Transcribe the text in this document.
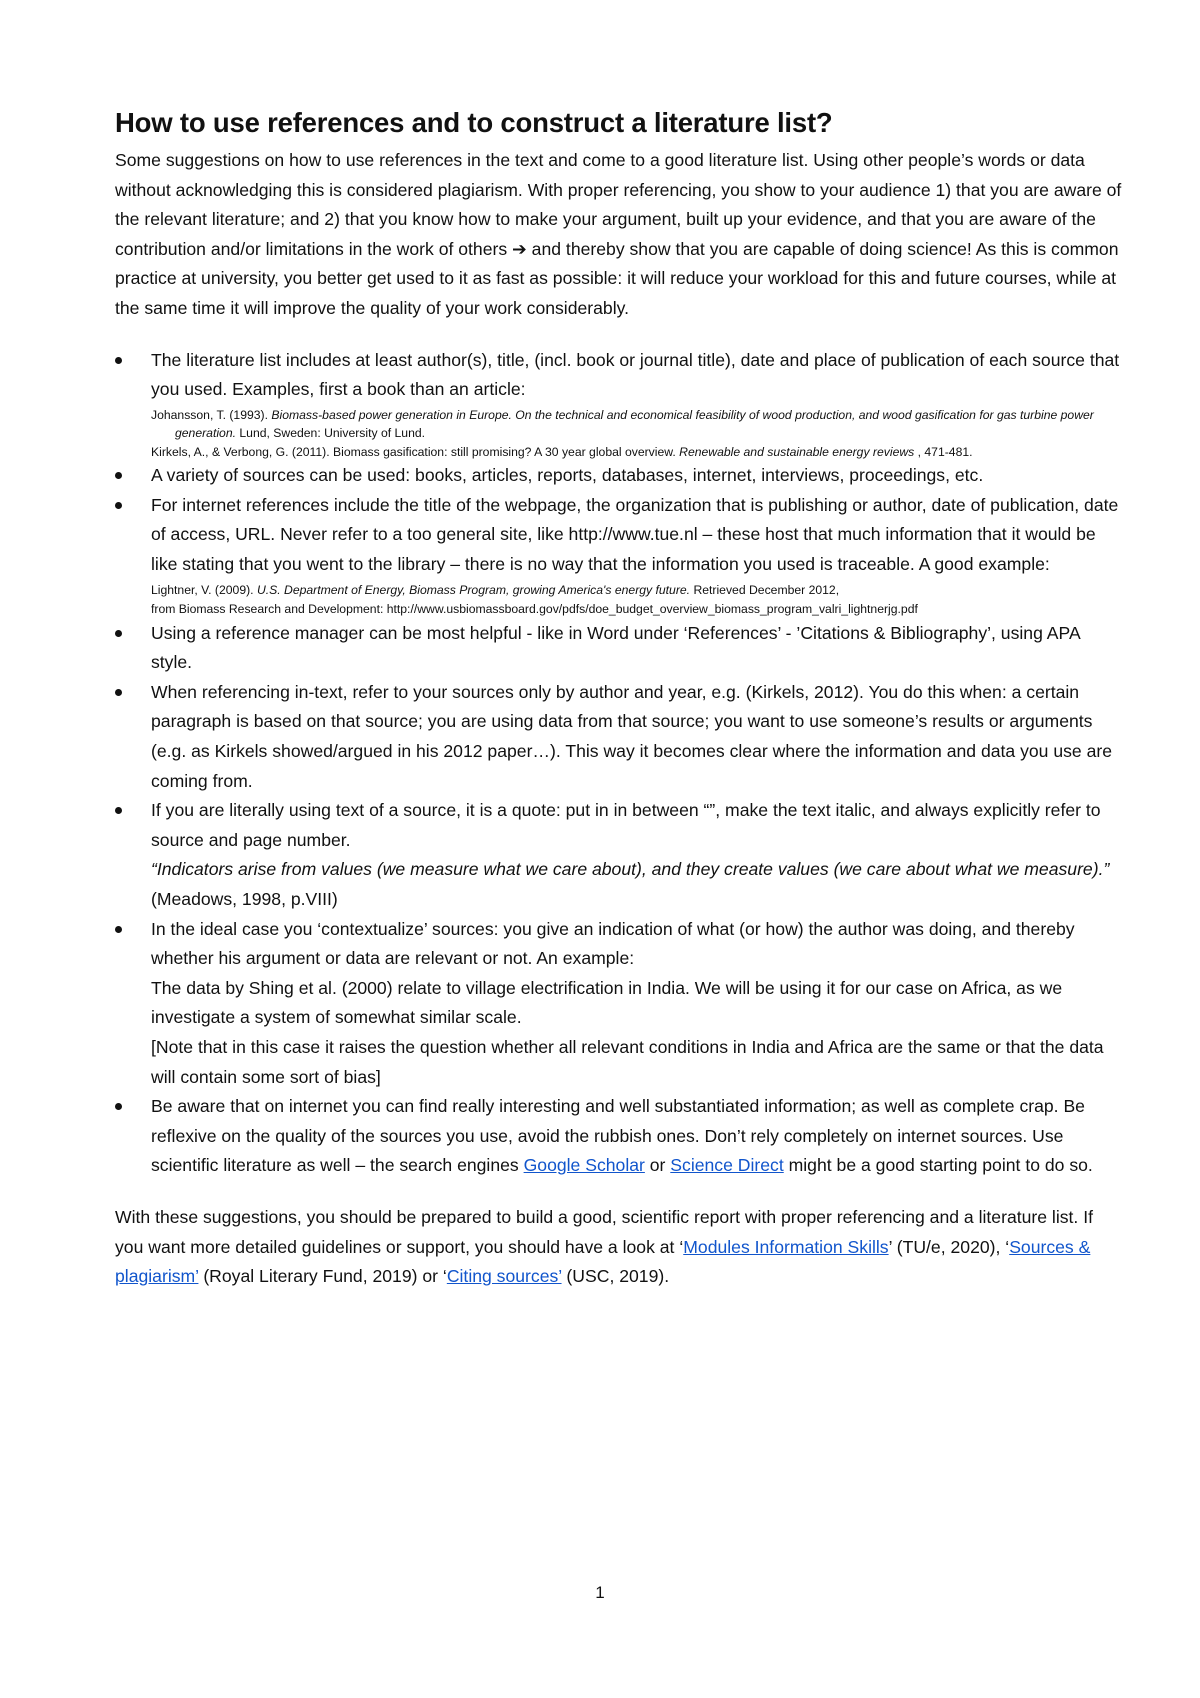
How to use references and to construct a literature list?

Some suggestions on how to use references in the text and come to a good literature list. Using other people’s words or data without acknowledging this is considered plagiarism. With proper referencing, you show to your audience 1) that you are aware of the relevant literature; and 2) that you know how to make your argument, built up your evidence, and that you are aware of the contribution and/or limitations in the work of others ➔ and thereby show that you are capable of doing science! As this is common practice at university, you better get used to it as fast as possible: it will reduce your workload for this and future courses, while at the same time it will improve the quality of your work considerably.

The literature list includes at least author(s), title, (incl. book or journal title), date and place of publication of each source that you used. Examples, first a book than an article:
Johansson, T. (1993). Biomass-based power generation in Europe. On the technical and economical feasibility of wood production, and wood gasification for gas turbine power generation. Lund, Sweden: University of Lund.
Kirkels, A., & Verbong, G. (2011). Biomass gasification: still promising? A 30 year global overview. Renewable and sustainable energy reviews , 471-481.
A variety of sources can be used: books, articles, reports, databases, internet, interviews, proceedings, etc.
For internet references include the title of the webpage, the organization that is publishing or author, date of publication, date of access, URL. Never refer to a too general site, like http://www.tue.nl – these host that much information that it would be like stating that you went to the library – there is no way that the information you used is traceable. A good example:
Lightner, V. (2009). U.S. Department of Energy, Biomass Program, growing America's energy future. Retrieved December 2012,
from Biomass Research and Development: http://www.usbiomassboard.gov/pdfs/doe_budget_overview_biomass_program_valri_lightnerjg.pdf
Using a reference manager can be most helpful - like in Word under ‘References’ - ’Citations & Bibliography’, using APA style.
When referencing in-text, refer to your sources only by author and year, e.g. (Kirkels, 2012). You do this when: a certain paragraph is based on that source; you are using data from that source; you want to use someone’s results or arguments (e.g. as Kirkels showed/argued in his 2012 paper…). This way it becomes clear where the information and data you use are coming from.
If you are literally using text of a source, it is a quote: put in in between “”, make the text italic, and always explicitly refer to source and page number.
“Indicators arise from values (we measure what we care about), and they create values (we care about what we measure).” (Meadows, 1998, p.VIII)
In the ideal case you ‘contextualize’ sources: you give an indication of what (or how) the author was doing, and thereby whether his argument or data are relevant or not. An example:
The data by Shing et al. (2000) relate to village electrification in India. We will be using it for our case on Africa, as we investigate a system of somewhat similar scale.
[Note that in this case it raises the question whether all relevant conditions in India and Africa are the same or that the data will contain some sort of bias]
Be aware that on internet you can find really interesting and well substantiated information; as well as complete crap. Be reflexive on the quality of the sources you use, avoid the rubbish ones. Don’t rely completely on internet sources. Use scientific literature as well – the search engines Google Scholar or Science Direct might be a good starting point to do so.

With these suggestions, you should be prepared to build a good, scientific report with proper referencing and a literature list. If you want more detailed guidelines or support, you should have a look at ‘Modules Information Skills’ (TU/e, 2020), ‘Sources & plagiarism’ (Royal Literary Fund, 2019) or ‘Citing sources’ (USC, 2019).

1
